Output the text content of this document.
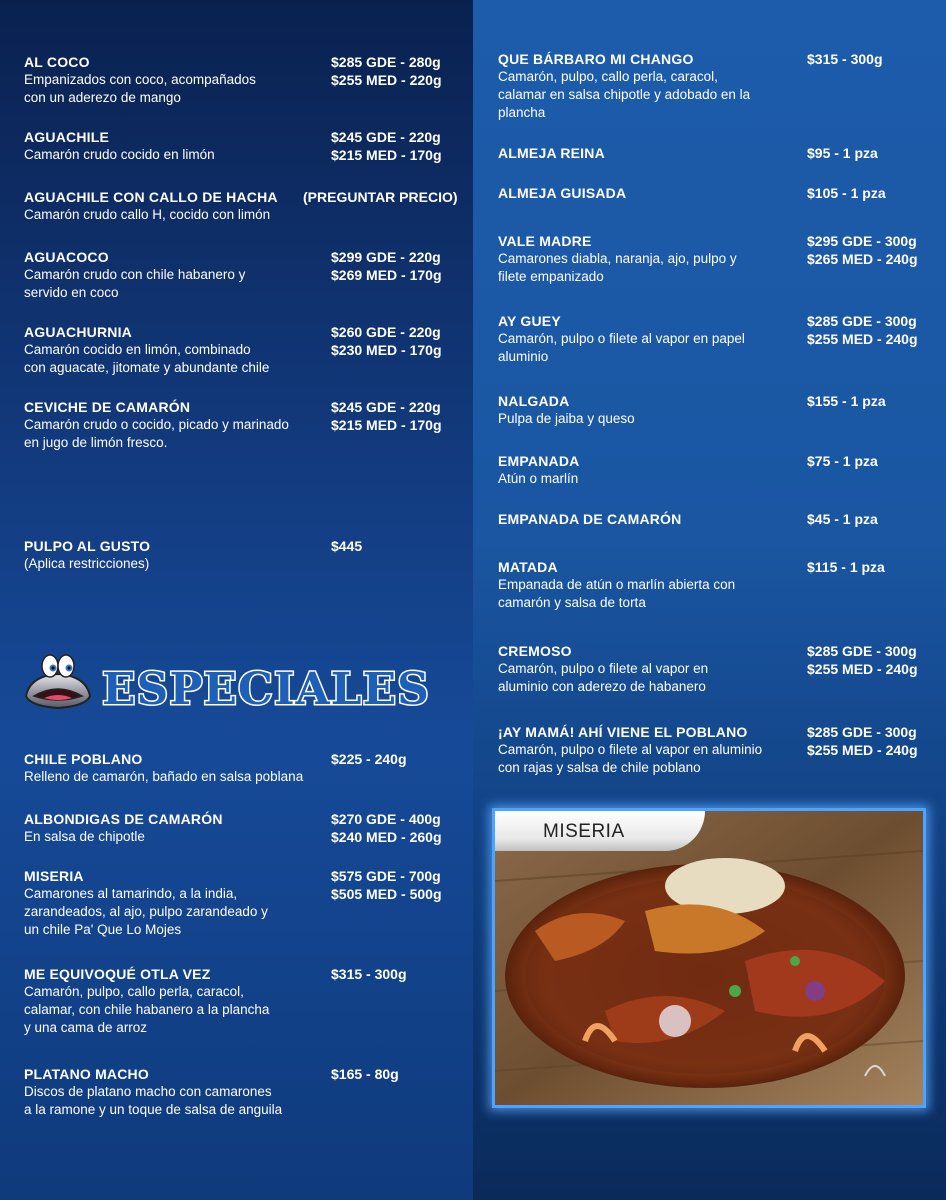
AL COCO
Empanizados con coco, acompañados
con un aderezo de mango
$285 GDE - 280g
$255 MED - 220g
AGUACHILE
Camarón crudo cocido en limón
$245 GDE - 220g
$215 MED - 170g
AGUACHILE CON CALLO DE HACHA
Camarón crudo callo H, cocido con limón
(PREGUNTAR PRECIO)
AGUACOCO
Camarón crudo con chile habanero y
servido en coco
$299 GDE - 220g
$269 MED - 170g
AGUACHURNIA
Camarón cocido en limón, combinado
con aguacate, jitomate y abundante chile
$260 GDE - 220g
$230 MED - 170g
CEVICHE DE CAMARÓN
Camarón crudo o cocido, picado y marinado
en jugo de limón fresco.
$245 GDE - 220g
$215 MED - 170g
PULPO AL GUSTO
(Aplica restricciones)
$445
CHILE POBLANO
Relleno de camarón, bañado en salsa poblana
$225 - 240g
ALBONDIGAS DE CAMARÓN
En salsa de chipotle
$270 GDE - 400g
$240 MED - 260g
MISERIA
Camarones al tamarindo, a la india,
zarandeados, al ajo, pulpo zarandeado y
un chile Pa' Que Lo Mojes
$575 GDE - 700g
$505 MED - 500g
ME EQUIVOQUÉ OTLA VEZ
Camarón, pulpo, callo perla, caracol,
calamar, con chile habanero a la plancha
y una cama de arroz
$315 - 300g
PLATANO MACHO
Discos de platano macho con camarones
a la ramone y un toque de salsa de anguila
$165 - 80g
QUE BÁRBARO MI CHANGO
Camarón, pulpo, callo perla, caracol,
calamar en salsa chipotle y adobado en la
plancha
$315 - 300g
ALMEJA REINA	$95 - 1 pza
ALMEJA GUISADA	$105 - 1 pza
VALE MADRE
Camarones diabla, naranja, ajo, pulpo y
filete empanizado
$295 GDE - 300g
$265 MED - 240g
AY GUEY
Camarón, pulpo o filete al vapor en papel
aluminio
$285 GDE - 300g
$255 MED - 240g
NALGADA
Pulpa de jaiba y queso
$155 - 1 pza
EMPANADA
Atún o marlín
$75 - 1 pza
EMPANADA DE CAMARÓN	$45 - 1 pza
MATADA
Empanada de atún o marlín abierta con
camarón y salsa de torta
$115 - 1 pza
CREMOSO
Camarón, pulpo o filete al vapor en
aluminio con aderezo de habanero
$285 GDE - 300g
$255 MED - 240g
¡AY MAMÁ! AHÍ VIENE EL POBLANO
Camarón, pulpo o filete al vapor en aluminio
con rajas y salsa de chile poblano
$285 GDE - 300g
$255 MED - 240g
ESPECIALES
MISERIA
